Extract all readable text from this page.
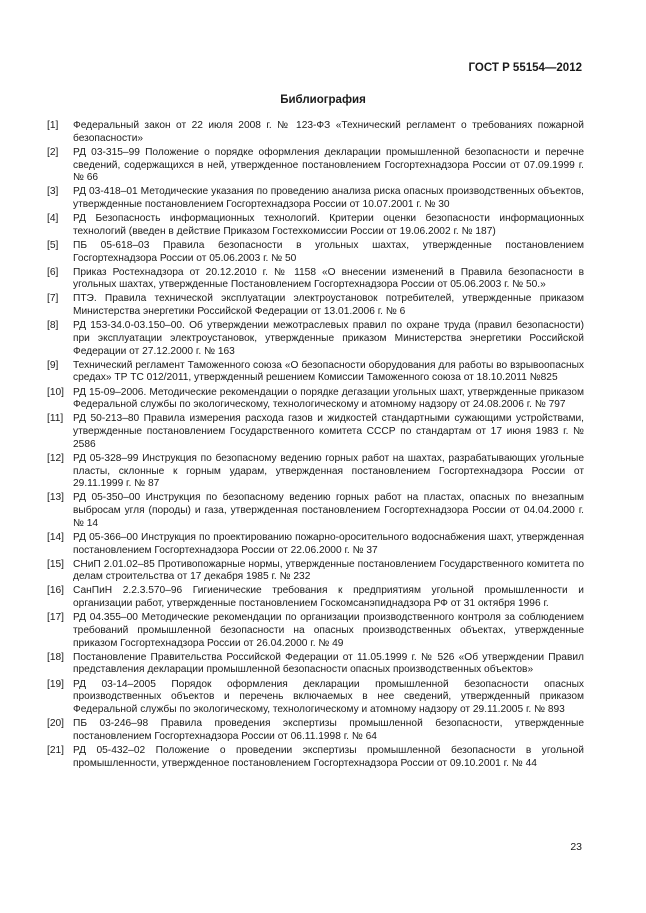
ГОСТ Р 55154—2012
Библиография
[1]	Федеральный закон от 22 июля 2008 г. № 123-ФЗ «Технический регламент о требованиях пожарной безопасности»
[2]	РД 03-315–99 Положение о порядке оформления декларации промышленной безопасности и перечне сведений, содержащихся в ней, утвержденное постановлением Госгортехнадзора России от 07.09.1999 г. № 66
[3]	РД 03-418–01 Методические указания по проведению анализа риска опасных производственных объектов, утвержденные постановлением Госгортехнадзора России от 10.07.2001 г. № 30
[4]	РД Безопасность информационных технологий. Критерии оценки безопасности информационных технологий (введен в действие Приказом Гостехкомиссии России от 19.06.2002 г. № 187)
[5]	ПБ 05-618–03 Правила безопасности в угольных шахтах, утвержденные постановлением Госгортехнадзора России от 05.06.2003 г. № 50
[6]	Приказ Ростехнадзора от 20.12.2010 г. № 1158 «О внесении изменений в Правила безопасности в угольных шахтах, утвержденные Постановлением Госгортехнадзора России от 05.06.2003 г. № 50.»
[7]	ПТЭ. Правила технической эксплуатации электроустановок потребителей, утвержденные приказом Министерства энергетики Российской Федерации от 13.01.2006 г. № 6
[8]	РД 153-34.0-03.150–00. Об утверждении межотраслевых правил по охране труда (правил безопасности) при эксплуатации электроустановок, утвержденные приказом Министерства энергетики Российской Федерации от 27.12.2000 г. № 163
[9]	Технический регламент Таможенного союза «О безопасности оборудования для работы во взрывоопасных средах» ТР ТС 012/2011, утвержденный решением Комиссии Таможенного союза от 18.10.2011 №825
[10] РД 15-09–2006. Методические рекомендации о порядке дегазации угольных шахт, утвержденные приказом Федеральной службы по экологическому, технологическому и атомному надзору от 24.08.2006 г. № 797
[11] РД 50-213–80 Правила измерения расхода газов и жидкостей стандартными сужающими устройствами, утвержденные постановлением Государственного комитета СССР по стандартам от 17 июня 1983 г. № 2586
[12] РД 05-328–99 Инструкция по безопасному ведению горных работ на шахтах, разрабатывающих угольные пласты, склонные к горным ударам, утвержденная постановлением Госгортехнадзора России от 29.11.1999 г. № 87
[13] РД 05-350–00 Инструкция по безопасному ведению горных работ на пластах, опасных по внезапным выбросам угля (породы) и газа, утвержденная постановлением Госгортехнадзора России от 04.04.2000 г. № 14
[14] РД 05-366–00 Инструкция по проектированию пожарно-оросительного водоснабжения шахт, утвержденная постановлением Госгортехнадзора России от 22.06.2000 г. № 37
[15] СНиП 2.01.02–85 Противопожарные нормы, утвержденные постановлением Государственного комитета по делам строительства от 17 декабря 1985 г. № 232
[16] СанПиН 2.2.3.570–96 Гигиенические требования к предприятиям угольной промышленности и организации работ, утвержденные постановлением Госкомсанэпиднадзора РФ от 31 октября 1996 г.
[17] РД 04.355–00 Методические рекомендации по организации производственного контроля за соблюдением требований промышленной безопасности на опасных производственных объектах, утвержденные приказом Госгортехнадзора России от 26.04.2000 г. № 49
[18] Постановление Правительства Российской Федерации от 11.05.1999 г. № 526 «Об утверждении Правил представления декларации промышленной безопасности опасных производственных объектов»
[19] РД 03-14–2005 Порядок оформления декларации промышленной безопасности опасных производственных объектов и перечень включаемых в нее сведений, утвержденный приказом Федеральной службы по экологическому, технологическому и атомному надзору от 29.11.2005 г. № 893
[20] ПБ 03-246–98 Правила проведения экспертизы промышленной безопасности, утвержденные постановлением Госгортехнадзора России от 06.11.1998 г. № 64
[21] РД 05-432–02 Положение о проведении экспертизы промышленной безопасности в угольной промышленности, утвержденное постановлением Госгортехнадзора России от 09.10.2001 г. № 44
23
